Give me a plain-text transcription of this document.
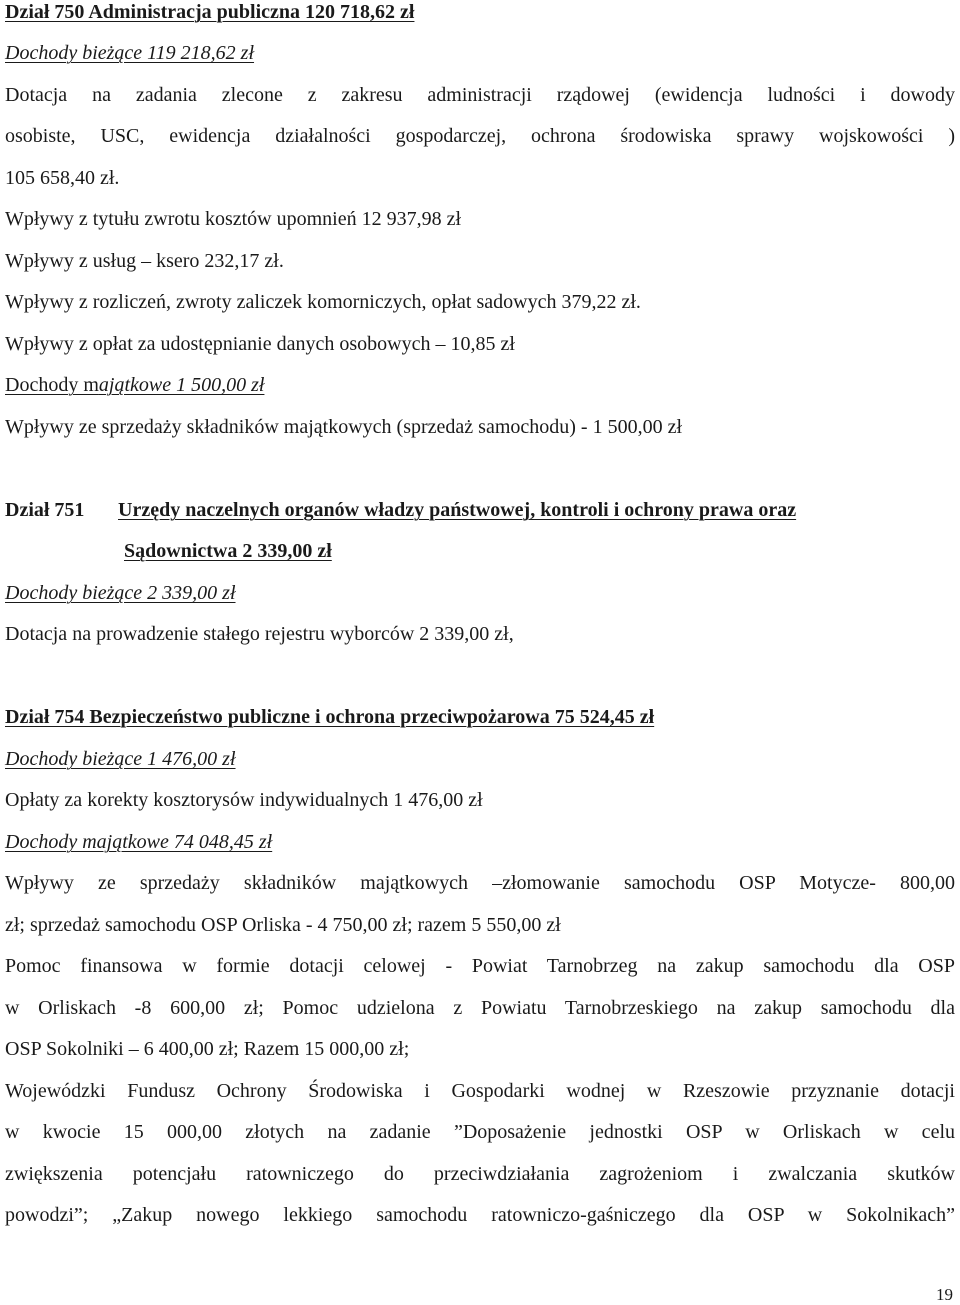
Dział 750 Administracja publiczna 120 718,62 zł
Dochody bieżące 119 218,62 zł
Dotacja na zadania zlecone z zakresu administracji rządowej (ewidencja ludności i dowody
osobiste, USC, ewidencja działalności gospodarczej, ochrona środowiska sprawy wojskowości )
105 658,40 zł.
Wpływy z tytułu zwrotu kosztów upomnień 12 937,98 zł
Wpływy z usług – ksero 232,17 zł.
Wpływy z rozliczeń, zwroty zaliczek komorniczych, opłat sadowych 379,22 zł.
Wpływy z opłat za udostępnianie danych osobowych – 10,85 zł
Dochody majątkowe 1 500,00 zł
Wpływy ze sprzedaży składników majątkowych (sprzedaż samochodu) - 1 500,00 zł
Dział 751 Urzędy naczelnych organów władzy państwowej, kontroli i ochrony prawa oraz
Sądownictwa 2 339,00 zł
Dochody bieżące 2 339,00 zł
Dotacja na prowadzenie stałego rejestru wyborców 2 339,00 zł,
Dział 754 Bezpieczeństwo publiczne i ochrona przeciwpożarowa 75 524,45 zł
Dochody bieżące 1 476,00 zł
Opłaty za korekty kosztorysów indywidualnych 1 476,00 zł
Dochody majątkowe 74 048,45 zł
Wpływy ze sprzedaży składników majątkowych –złomowanie samochodu OSP Motycze- 800,00
zł; sprzedaż samochodu OSP Orliska - 4 750,00 zł; razem 5 550,00 zł
Pomoc finansowa w formie dotacji celowej - Powiat Tarnobrzeg na zakup samochodu dla OSP
w Orliskach -8 600,00 zł; Pomoc udzielona z Powiatu Tarnobrzeskiego na zakup samochodu dla
OSP Sokolniki – 6 400,00 zł; Razem 15 000,00 zł;
Wojewódzki Fundusz Ochrony Środowiska i Gospodarki wodnej w Rzeszowie przyznanie dotacji
w kwocie 15 000,00 złotych na zadanie ”Doposażenie jednostki OSP w Orliskach w celu
zwiększenia potencjału ratowniczego do przeciwdziałania zagrożeniom i zwalczania skutków
powodzi”; „Zakup nowego lekkiego samochodu ratowniczo-gaśniczego dla OSP w Sokolnikach”
19
